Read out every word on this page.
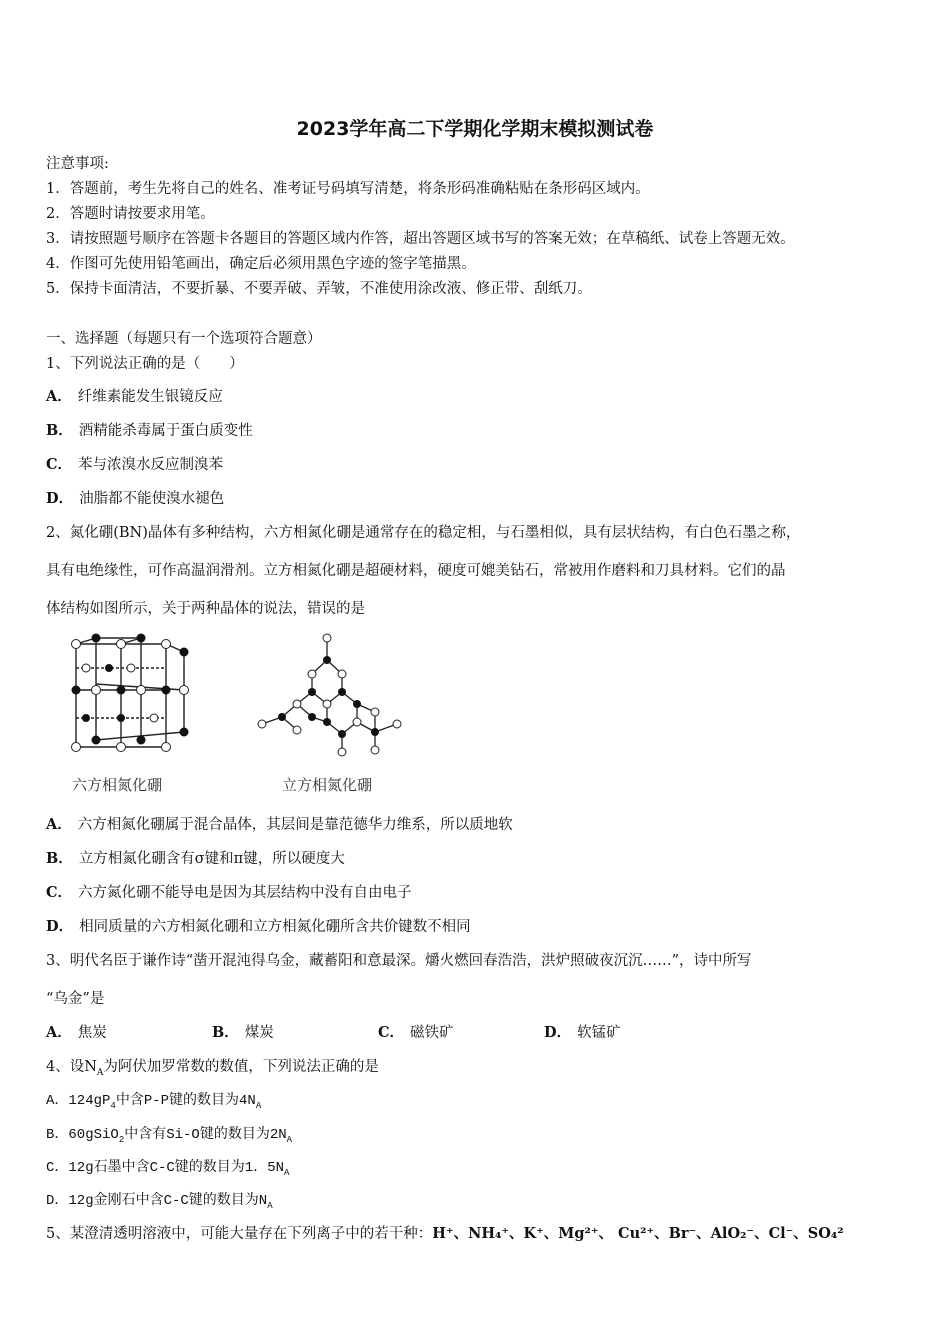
2023学年高二下学期化学期末模拟测试卷
注意事项:
1．答题前，考生先将自己的姓名、准考证号码填写清楚，将条形码准确粘贴在条形码区域内。
2．答题时请按要求用笔。
3．请按照题号顺序在答题卡各题目的答题区域内作答，超出答题区域书写的答案无效；在草稿纸、试卷上答题无效。
4．作图可先使用铅笔画出，确定后必须用黑色字迹的签字笔描黑。
5．保持卡面清洁，不要折暴、不要弄破、弄皱，不准使用涂改液、修正带、刮纸刀。
一、选择题（每题只有一个选项符合题意）
1、下列说法正确的是（　　）
A． 纤维素能发生银镜反应
B． 酒精能杀毒属于蛋白质变性
C． 苯与浓溴水反应制溴苯
D． 油脂都不能使溴水褪色
2、氮化硼(BN)晶体有多种结构，六方相氮化硼是通常存在的稳定相，与石墨相似，具有层状结构，有白色石墨之称，
具有电绝缘性，可作高温润滑剂。立方相氮化硼是超硬材料，硬度可媲美钻石，常被用作磨料和刀具材料。它们的晶
体结构如图所示，关于两种晶体的说法，错误的是
六方相氮化硼	立方相氮化硼
A． 六方相氮化硼属于混合晶体，其层间是靠范德华力维系，所以质地软
B． 立方相氮化硼含有σ键和π键，所以硬度大
C． 六方氮化硼不能导电是因为其层结构中没有自由电子
D． 相同质量的六方相氮化硼和立方相氮化硼所含共价键数不相同
3、明代名臣于谦作诗“凿开混沌得乌金，藏蓄阳和意最深。爝火燃回春浩浩，洪炉照破夜沉沉……”，诗中所写
“乌金”是
A． 焦炭	B． 煤炭	C． 磁铁矿	D． 软锰矿
4、设$N_A$为阿伏加罗常数的数值，下列说法正确的是
A．$124gP_4$中含P-P键的数目为$4N_A$
B．60gSiO$_2$中含有Si-O键的数目为$2N_A$
C．12g石墨中含C-C键的数目为1．$5N_A$
D．12g金刚石中含C-C键的数目为$N_A$
5、某澄清透明溶液中，可能大量存在下列离子中的若干种：H⁺、NH₄⁺、K⁺、Mg²⁺、 Cu²⁺、Br⁻、AlO₂⁻、Cl⁻、SO₄²
